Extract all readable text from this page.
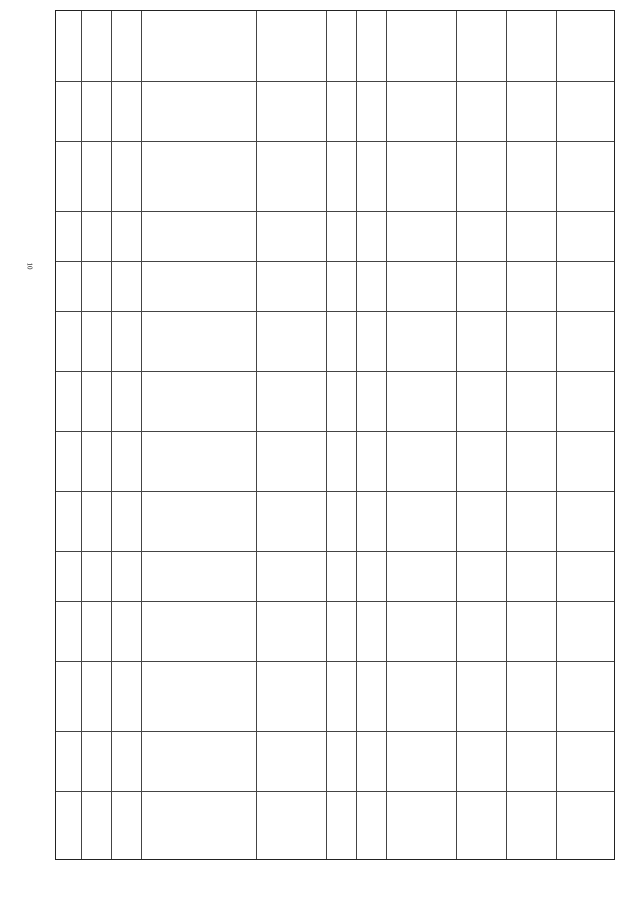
10
